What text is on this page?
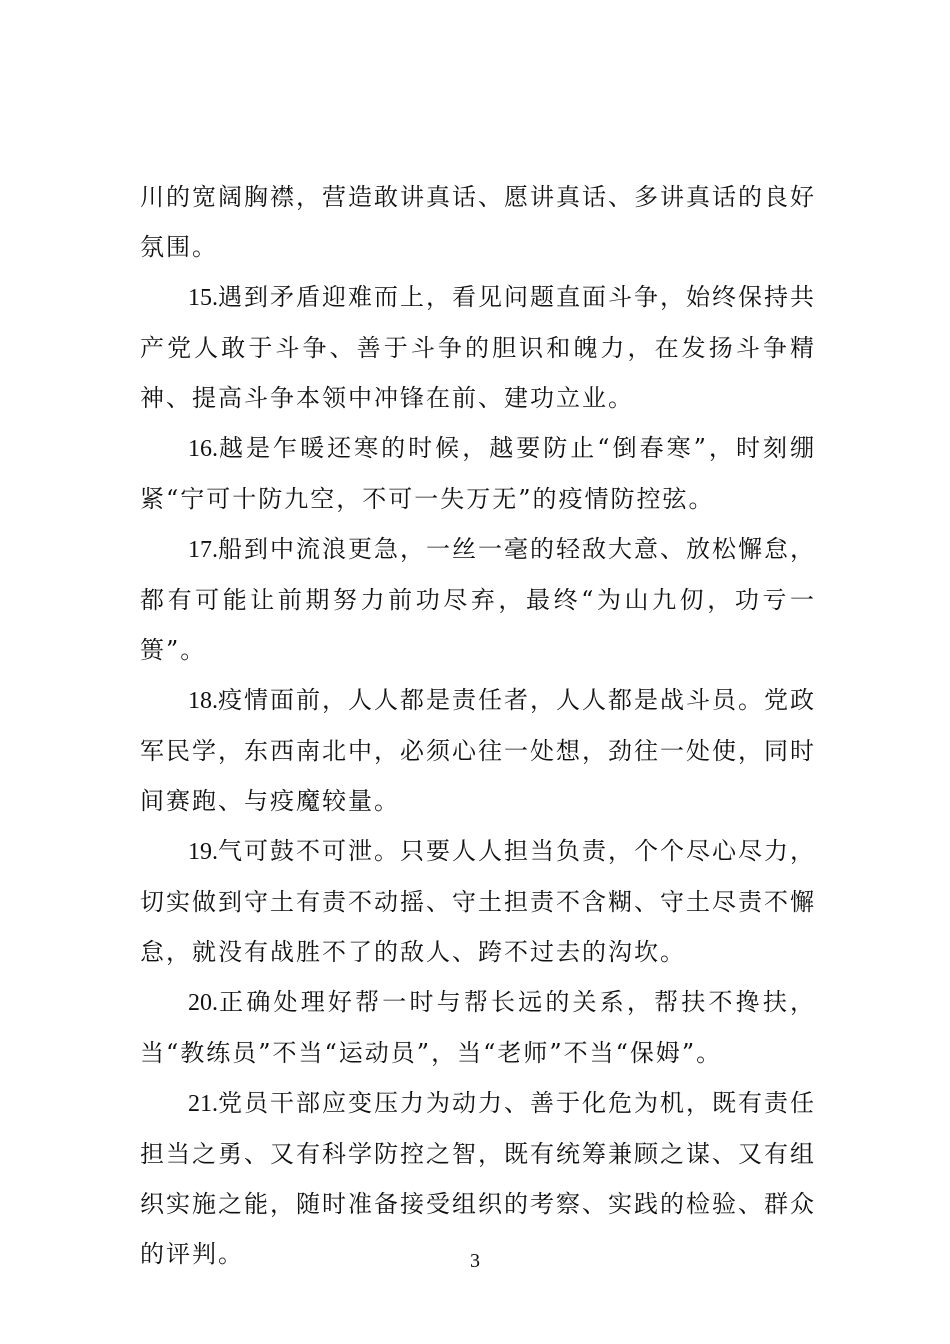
川的宽阔胸襟，营造敢讲真话、愿讲真话、多讲真话的良好氛围。

15.遇到矛盾迎难而上，看见问题直面斗争，始终保持共产党人敢于斗争、善于斗争的胆识和魄力，在发扬斗争精神、提高斗争本领中冲锋在前、建功立业。

16.越是乍暖还寒的时候，越要防止“倒春寒”，时刻绷紧“宁可十防九空，不可一失万无”的疫情防控弦。

17.船到中流浪更急，一丝一毫的轻敌大意、放松懈怠，都有可能让前期努力前功尽弃，最终“为山九仞，功亏一篑”。

18.疫情面前，人人都是责任者，人人都是战斗员。党政军民学，东西南北中，必须心往一处想，劲往一处使，同时间赛跑、与疫魔较量。

19.气可鼓不可泄。只要人人担当负责，个个尽心尽力，切实做到守土有责不动摇、守土担责不含糊、守土尽责不懈怠，就没有战胜不了的敌人、跨不过去的沟坎。

20.正确处理好帮一时与帮长远的关系，帮扶不搀扶，当“教练员”不当“运动员”，当“老师”不当“保姆”。

21.党员干部应变压力为动力、善于化危为机，既有责任担当之勇、又有科学防控之智，既有统筹兼顾之谋、又有组织实施之能，随时准备接受组织的考察、实践的检验、群众的评判。	3
